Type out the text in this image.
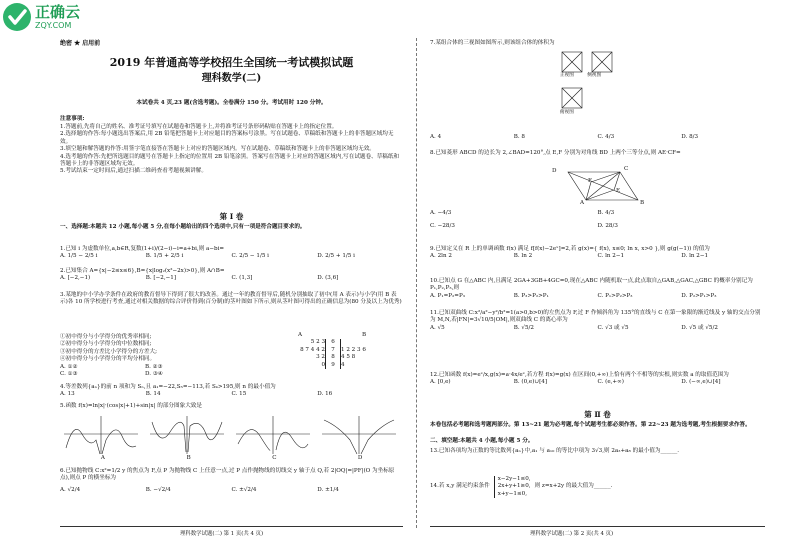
正确云
ZQY.COM
绝密 ★ 启用前
2019 年普通高等学校招生全国统一考试模拟试题
理科数学(二)
本试卷共 4 页,23 题(含选考题)。全卷满分 150 分。考试用时 120 分钟。
注意事项:

1.答题前,先将自己的姓名、准考证号填写在试题卷和答题卡上,并将准考证号条形码粘贴在答题卡上的指定位置。

2.选择题的作答:每小题选出答案后,用 2B 铅笔把答题卡上对应题目的答案标号涂黑。写在试题卷、草稿纸和答题卡上的非答题区域均无效。

3.填空题和解答题的作答:用签字笔直接答在答题卡上对应的答题区域内。写在试题卷、草稿纸和答题卡上的非答题区域均无效。

4.选考题的作答:先把所选题目的题号在答题卡上指定的位置用 2B 铅笔涂黑。答案写在答题卡上对应的答题区域内,写在试题卷、草稿纸和答题卡上的非答题区域均无效。

5.考试结束一定时间后,通过扫描二维码查看考题视频讲解。

第 Ⅰ 卷
一、选择题:本题共 12 小题,每小题 5 分,在每小题给出的四个选项中,只有一项是符合题目要求的。

1.已知 i 为虚数单位,a,b∈R,复数(1+i)/(2−i)−i=a+bi,则 a−bi=

A. 1/5 − 2/5 i	B. 1/5 + 2/5 i	C. 2/5 − 1/5 i	D. 2/5 + 1/5 i

2.已知集合 A={x|−2≤x≤6},B={x|log₂(x²−2x)>0},则 A∩B=

A. [−2,−1)	B. [−2,−1]	C. (1,3]	D. (3,6]

3.某地的中小学办学条件在政府的教育督导下得到了很大的改善。通过一年的教育督导后,随机分别抽取了初中(用 A 表示)与小学(用 B 表示)各 10 所学校进行考查,通过对相关数据的综合评价得到(百分制)的茎叶图如下所示,则从茎叶图可得出的正确信息为(80 分及以上为优秀)

①初中得分与小学得分的优秀率相同;

②初中得分与小学得分的中位数相同;

③初中得分的方差比小学得分的方差大;

④初中得分与小学得分的平均分相同。

A. ①②	B. ②③
C. ①③	D. ③④
A	B
5 2 3	6
8 7 4 4 2	7	1 2 2 3 6
3 2	8	4 5 8
0	9	4

4.等差数列{aₙ}的前 n 项和为 Sₙ,且 a₁=−22,S₅=−113,若 Sₖ>195,则 n 的最小值为

A. 13	B. 14	C. 15	D. 16

5.函数 f(x)=ln|x|·(cos|x|+1)+sin|x| 的部分图象大致是

A	B	C	D

6.已知抛物线 C:x²=1/2 y 的焦点为 F,点 P 为抛物线 C 上任意一点,过 P 点作抛物线的切线交 y 轴于点 Q,若 2|OQ|=|PF|(O 为坐标原点),则点 P 的横坐标为

A. √2/4	B. −√2/4	C. ±√2/4	D. ±1/4
理科数学试题(二) 第 1 页(共 4 页)

7.某组合体的三视图如图所示,则该组合体的体积为

正视图	侧视图
俯视图
A. 4	B. 8	C. 4/3	D. 8/3

8.已知菱形 ABCD 的边长为 2,∠BAD=120°,点 E,F 分别为对角线 BD 上两个三等分点,则 AE·CF=

D
F
E
C
A	B
A. −4/3	B. 4/3
C. −28/3	D. 28/3

9.已知定义在 R 上的单调函数 f(x) 满足 f[f(x)−2eˣ]=2,若 g(x)={ f(x), x≤0; ln x, x>0 },则 g(g(−1)) 的值为

A. 2ln 2	B. ln 2	C. ln 2−1	D. ln 2−1

10.已知点 G 在△ABC 内,且满足 2GA+3GB+4GC=0,现在△ABC 内随机取一点,此点取自△GAB,△GAC,△GBC 的概率分别记为 P₁,P₂,P₃,则

A. P₁=P₂=P₃	B. P₃>P₂>P₁	C. P₁>P₂>P₃	D. P₂>P₁>P₃

11.已知双曲线 C:x²/a²−y²/b²=1(a>0,b>0)的左焦点为 F,过 F 作倾斜角为 135°的直线与 C 在第一象限的渐近线及 y 轴的交点分别为 M,N,若|FN|=3√10/5|OM|,则双曲线 C 的离心率为

A. √5	B. √5/2	C. √3 或 √5	D. √5 或 √5/2

12.已知函数 f(x)=eˣ/x,g(x)=a·4x/eˣ,若方程 f(x)=g(x) 在区间(0,+∞)上恰有两个不相等的实根,则实数 a 的取值范围为

A. [0,e)	B. (0,e)∪[4]	C. (e,+∞)	D. (−∞,e)∪[4]
第 Ⅱ 卷
本卷包括必考题和选考题两部分。第 13~21 题为必考题,每个试题考生都必须作答。第 22~23 题为选考题,考生根据要求作答。
二、填空题:本题共 4 小题,每小题 5 分。
13.已知各项均为正数的等比数列{aₙ}中,a₁ 与 a₁₀ 的等比中项为 3√3,则 2a₃+a₈ 的最小值为______.
14.若 x,y 满足约束条件
x−2y−1≤0,
2x+y+1≥0,
x+y−1≤0,
则 z=x+2y 的最大值为______.
理科数学试题(二) 第 2 页(共 4 页)
